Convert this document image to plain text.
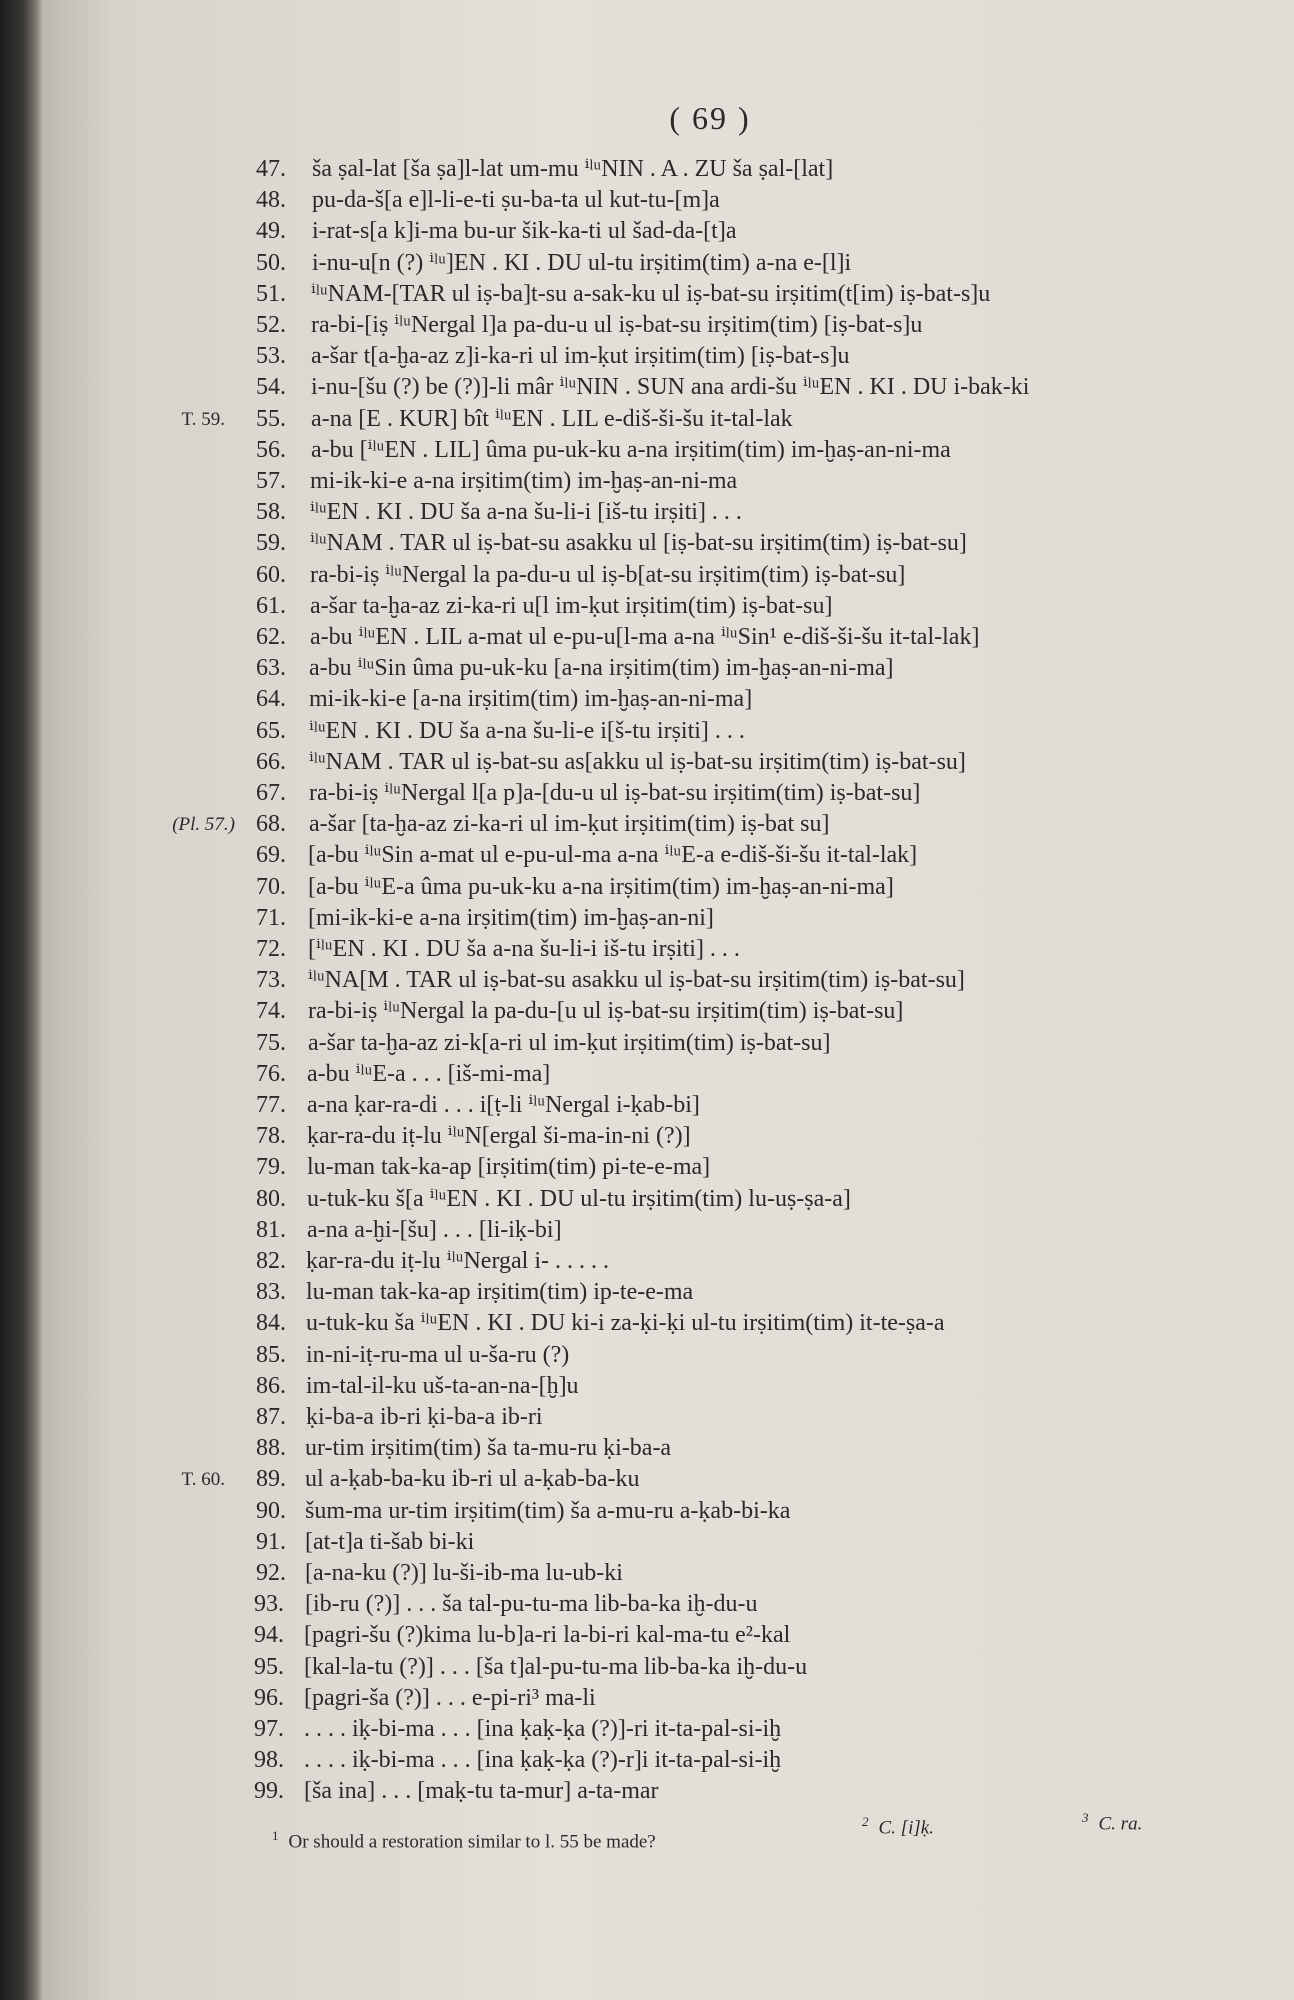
( 69 )
47. ša ṣal-lat [ša ṣa]l-lat um-mu ⁱˡᵘNIN . A . ZU ša ṣal-[lat]
48. pu-da-š[a e]l-li-e-ti ṣu-ba-ta ul kut-tu-[m]a
49. i-rat-s[a k]i-ma bu-ur šik-ka-ti ul šad-da-[t]a
50. i-nu-u[n (?) ⁱˡᵘ]EN . KI . DU ul-tu irṣitim(tim) a-na e-[l]i
51. ⁱˡᵘNAM-[TAR ul iṣ-ba]t-su a-sak-ku ul iṣ-bat-su irṣitim(t[im) iṣ-bat-s]u
52. ra-bi-[iṣ ⁱˡᵘNergal l]a pa-du-u ul iṣ-bat-su irṣitim(tim) [iṣ-bat-s]u
53. a-šar t[a-ḫa-az z]i-ka-ri ul im-ḳut irṣitim(tim) [iṣ-bat-s]u
54. i-nu-[šu (?) be (?)]-li mâr ⁱˡᵘNIN . SUN ana ardi-šu ⁱˡᵘEN . KI . DU i-bak-ki
T. 59.	55. a-na [E . KUR] bît ⁱˡᵘEN . LIL e-diš-ši-šu it-tal-lak
56. a-bu [ⁱˡᵘEN . LIL] ûma pu-uk-ku a-na irṣitim(tim) im-ḫaṣ-an-ni-ma
57. mi-ik-ki-e a-na irṣitim(tim) im-ḫaṣ-an-ni-ma
58. ⁱˡᵘEN . KI . DU ša a-na šu-li-i [iš-tu irṣiti] . . .
59. ⁱˡᵘNAM . TAR ul iṣ-bat-su asakku ul [iṣ-bat-su irṣitim(tim) iṣ-bat-su]
60. ra-bi-iṣ ⁱˡᵘNergal la pa-du-u ul iṣ-b[at-su irṣitim(tim) iṣ-bat-su]
61. a-šar ta-ḫa-az zi-ka-ri u[l im-ḳut irṣitim(tim) iṣ-bat-su]
62. a-bu ⁱˡᵘEN . LIL a-mat ul e-pu-u[l-ma a-na ⁱˡᵘSin¹ e-diš-ši-šu it-tal-lak]
63. a-bu ⁱˡᵘSin ûma pu-uk-ku [a-na irṣitim(tim) im-ḫaṣ-an-ni-ma]
64. mi-ik-ki-e [a-na irṣitim(tim) im-ḫaṣ-an-ni-ma]
65. ⁱˡᵘEN . KI . DU ša a-na šu-li-e i[š-tu irṣiti] . . .
66. ⁱˡᵘNAM . TAR ul iṣ-bat-su as[akku ul iṣ-bat-su irṣitim(tim) iṣ-bat-su]
67. ra-bi-iṣ ⁱˡᵘNergal l[a p]a-[du-u ul iṣ-bat-su irṣitim(tim) iṣ-bat-su]
(Pl. 57.) 68. a-šar [ta-ḫa-az zi-ka-ri ul im-ḳut irṣitim(tim) iṣ-bat su]
69. [a-bu ⁱˡᵘSin a-mat ul e-pu-ul-ma a-na ⁱˡᵘE-a e-diš-ši-šu it-tal-lak]
70. [a-bu ⁱˡᵘE-a ûma pu-uk-ku a-na irṣitim(tim) im-ḫaṣ-an-ni-ma]
71. [mi-ik-ki-e a-na irṣitim(tim) im-ḫaṣ-an-ni]
72. [ⁱˡᵘEN . KI . DU ša a-na šu-li-i iš-tu irṣiti] . . .
73. ⁱˡᵘNA[M . TAR ul iṣ-bat-su asakku ul iṣ-bat-su irṣitim(tim) iṣ-bat-su]
74. ra-bi-iṣ ⁱˡᵘNergal la pa-du-[u ul iṣ-bat-su irṣitim(tim) iṣ-bat-su]
75. a-šar ta-ḫa-az zi-k[a-ri ul im-ḳut irṣitim(tim) iṣ-bat-su]
76. a-bu ⁱˡᵘE-a . . . [iš-mi-ma]
77. a-na ḳar-ra-di . . . i[ṭ-li ⁱˡᵘNergal i-ḳab-bi]
78. ḳar-ra-du iṭ-lu ⁱˡᵘN[ergal ši-ma-in-ni (?)]
79. lu-man tak-ka-ap [irṣitim(tim) pi-te-e-ma]
80. u-tuk-ku š[a ⁱˡᵘEN . KI . DU ul-tu irṣitim(tim) lu-uṣ-ṣa-a]
81. a-na a-ḫi-[šu] . . . [li-iḳ-bi]
82. ḳar-ra-du iṭ-lu ⁱˡᵘNergal i- . . . . .
83. lu-man tak-ka-ap irṣitim(tim) ip-te-e-ma
84. u-tuk-ku ša ⁱˡᵘEN . KI . DU ki-i za-ḳi-ḳi ul-tu irṣitim(tim) it-te-ṣa-a
85. in-ni-iṭ-ru-ma ul u-ša-ru (?)
86. im-tal-il-ku uš-ta-an-na-[ḫ]u
87. ḳi-ba-a ib-ri ḳi-ba-a ib-ri
88. ur-tim irṣitim(tim) ša ta-mu-ru ḳi-ba-a
T. 60.	89. ul a-ḳab-ba-ku ib-ri ul a-ḳab-ba-ku
90. šum-ma ur-tim irṣitim(tim) ša a-mu-ru a-ḳab-bi-ka
91. [at-t]a ti-šab bi-ki
92. [a-na-ku (?)] lu-ši-ib-ma lu-ub-ki
93. [ib-ru (?)] . . . ša tal-pu-tu-ma lib-ba-ka iḫ-du-u
94. [pagri-šu (?)kima lu-b]a-ri la-bi-ri kal-ma-tu e²-kal
95. [kal-la-tu (?)] . . . [ša t]al-pu-tu-ma lib-ba-ka iḫ-du-u
96. [pagri-ša (?)] . . . e-pi-ri³ ma-li
97. . . . . iḳ-bi-ma . . . [ina ḳaḳ-ḳa (?)]-ri it-ta-pal-si-iḫ
98. . . . . iḳ-bi-ma . . . [ina ḳaḳ-ḳa (?)-r]i it-ta-pal-si-iḫ
99. [ša ina] . . . [maḳ-tu ta-mur] a-ta-mar
$^1$ Or should a restoration similar to l. 55 be made?
$^2$ C. [i]ḳ.	$^3$ C. ra.
